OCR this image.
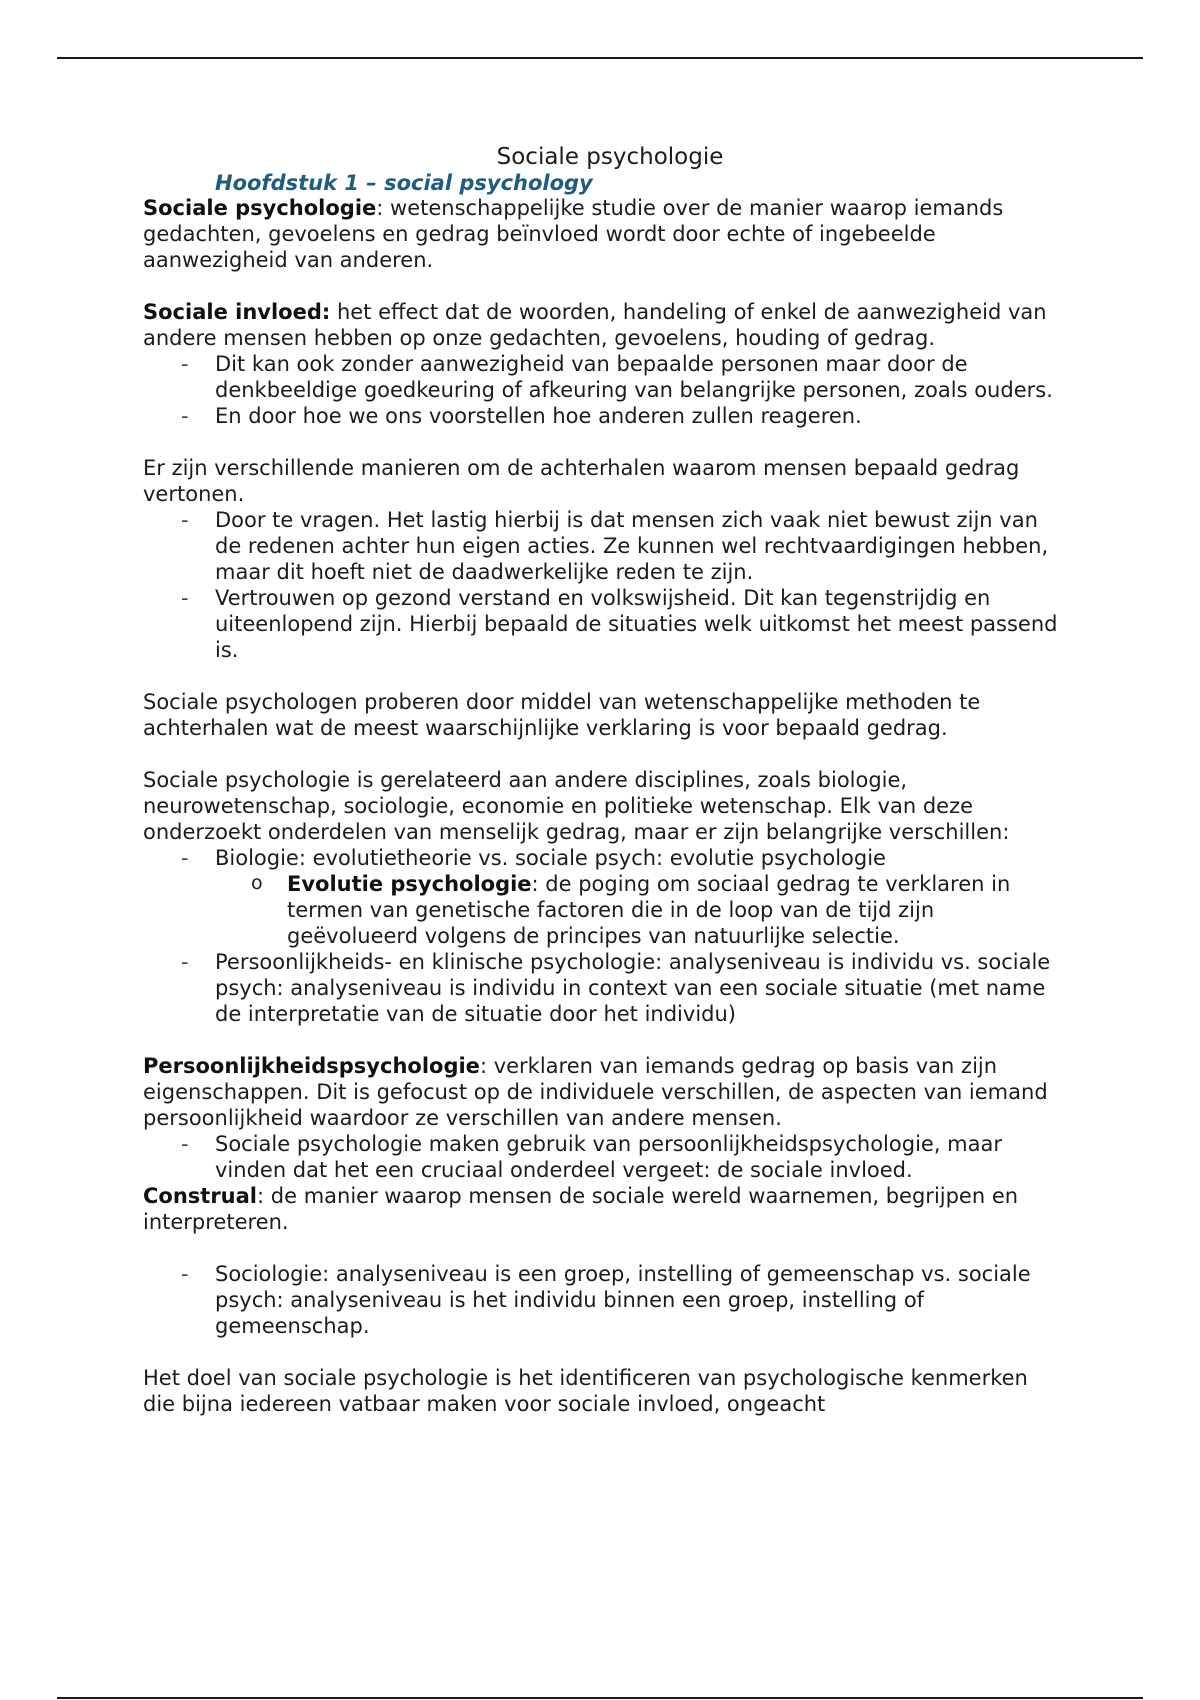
Sociale psychologie

Hoofdstuk 1 – social psychology

Sociale psychologie: wetenschappelijke studie over de manier waarop iemands gedachten, gevoelens en gedrag beïnvloed wordt door echte of ingebeelde aanwezigheid van anderen.

Sociale invloed: het effect dat de woorden, handeling of enkel de aanwezigheid van andere mensen hebben op onze gedachten, gevoelens, houding of gedrag.

- Dit kan ook zonder aanwezigheid van bepaalde personen maar door de denkbeeldige goedkeuring of afkeuring van belangrijke personen, zoals ouders.
- En door hoe we ons voorstellen hoe anderen zullen reageren.

Er zijn verschillende manieren om de achterhalen waarom mensen bepaald gedrag vertonen.

- Door te vragen. Het lastig hierbij is dat mensen zich vaak niet bewust zijn van de redenen achter hun eigen acties. Ze kunnen wel rechtvaardigingen hebben, maar dit hoeft niet de daadwerkelijke reden te zijn.
- Vertrouwen op gezond verstand en volkswijsheid. Dit kan tegenstrijdig en uiteenlopend zijn. Hierbij bepaald de situaties welk uitkomst het meest passend is.

Sociale psychologen proberen door middel van wetenschappelijke methoden te achterhalen wat de meest waarschijnlijke verklaring is voor bepaald gedrag.

Sociale psychologie is gerelateerd aan andere disciplines, zoals biologie, neurowetenschap, sociologie, economie en politieke wetenschap. Elk van deze onderzoekt onderdelen van menselijk gedrag, maar er zijn belangrijke verschillen:

- Biologie: evolutietheorie vs. sociale psych: evolutie psychologie
o Evolutie psychologie: de poging om sociaal gedrag te verklaren in termen van genetische factoren die in de loop van de tijd zijn geëvolueerd volgens de principes van natuurlijke selectie.
- Persoonlijkheids- en klinische psychologie: analyseniveau is individu vs. sociale psych: analyseniveau is individu in context van een sociale situatie (met name de interpretatie van de situatie door het individu)

Persoonlijkheidspsychologie: verklaren van iemands gedrag op basis van zijn eigenschappen. Dit is gefocust op de individuele verschillen, de aspecten van iemand persoonlijkheid waardoor ze verschillen van andere mensen.

- Sociale psychologie maken gebruik van persoonlijkheidspsychologie, maar vinden dat het een cruciaal onderdeel vergeet: de sociale invloed.

Construal: de manier waarop mensen de sociale wereld waarnemen, begrijpen en interpreteren.

- Sociologie: analyseniveau is een groep, instelling of gemeenschap vs. sociale psych: analyseniveau is het individu binnen een groep, instelling of gemeenschap.

Het doel van sociale psychologie is het identificeren van psychologische kenmerken die bijna iedereen vatbaar maken voor sociale invloed, ongeacht
